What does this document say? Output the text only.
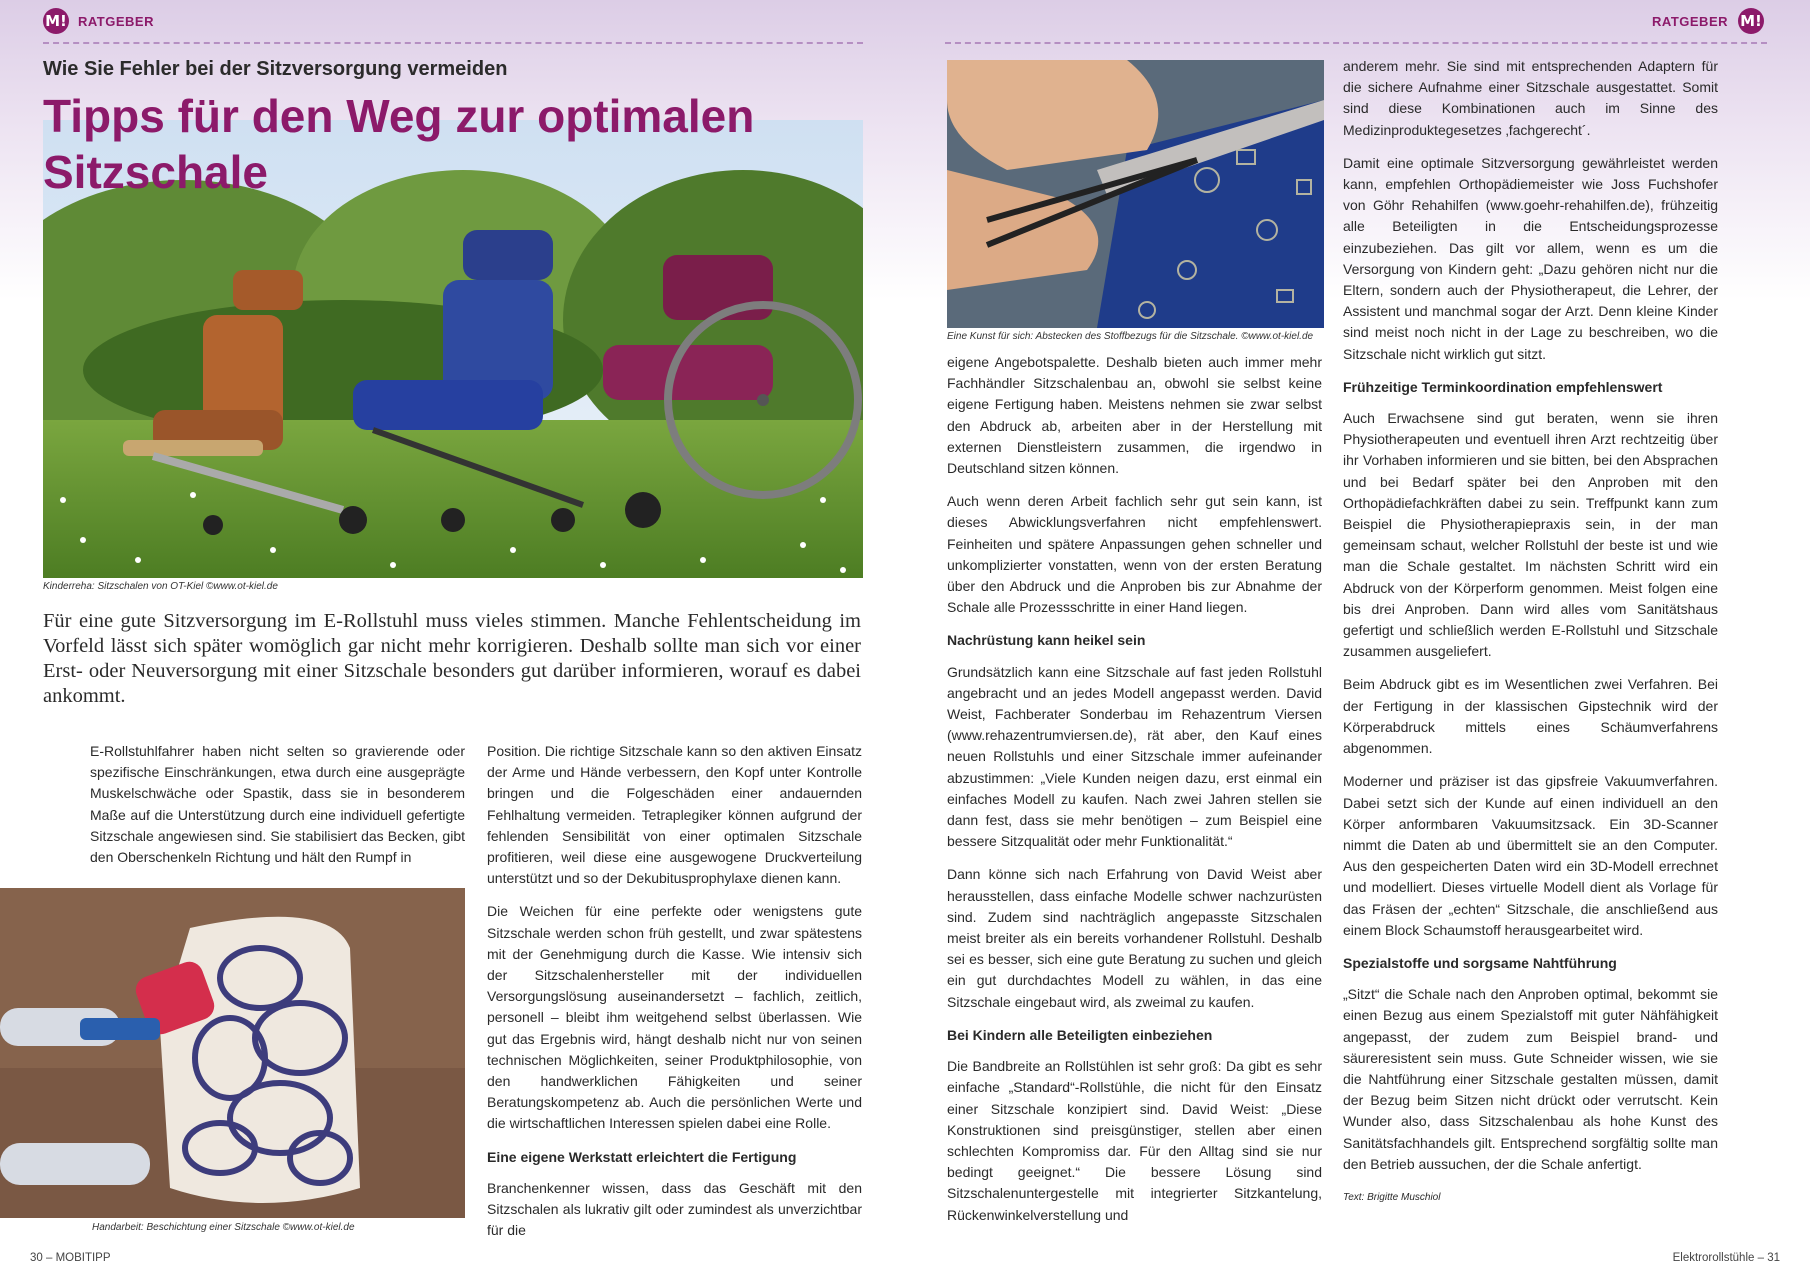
M! RATGEBER	RATGEBER M!
Wie Sie Fehler bei der Sitzversorgung vermeiden
Tipps für den Weg zur optimalen Sitzschale
Kinderreha: Sitzschalen von OT-Kiel ©www.ot-kiel.de
Für eine gute Sitzversorgung im E-Rollstuhl muss vieles stimmen. Manche Fehlentscheidung im Vorfeld lässt sich später womöglich gar nicht mehr korrigieren. Deshalb sollte man sich vor einer Erst- oder Neuversorgung mit einer Sitzschale besonders gut darüber informieren, worauf es dabei ankommt.

E-Rollstuhlfahrer haben nicht selten so gravierende oder spezifische Einschränkungen, etwa durch eine ausgeprägte Muskelschwäche oder Spastik, dass sie in besonderem Maße auf die Unterstützung durch eine individuell gefertigte Sitzschale angewiesen sind. Sie stabilisiert das Becken, gibt den Oberschenkeln Richtung und hält den Rumpf in

Handarbeit: Beschichtung einer Sitzschale ©www.ot-kiel.de

Position. Die richtige Sitzschale kann so den aktiven Einsatz der Arme und Hände verbessern, den Kopf unter Kontrolle bringen und die Folgeschäden einer andauernden Fehlhaltung vermeiden. Tetraplegiker können aufgrund der fehlenden Sensibilität von einer optimalen Sitzschale profitieren, weil diese eine ausgewogene Druckverteilung unterstützt und so der Dekubitusprophylaxe dienen kann.

Die Weichen für eine perfekte oder wenigstens gute Sitzschale werden schon früh gestellt, und zwar spätestens mit der Genehmigung durch die Kasse. Wie intensiv sich der Sitzschalenhersteller mit der individuellen Versorgungslösung auseinandersetzt – fachlich, zeitlich, personell – bleibt ihm weitgehend selbst überlassen. Wie gut das Ergebnis wird, hängt deshalb nicht nur von seinen technischen Möglichkeiten, seiner Produktphilosophie, von den handwerklichen Fähigkeiten und seiner Beratungskompetenz ab. Auch die persönlichen Werte und die wirtschaftlichen Interessen spielen dabei eine Rolle.

Eine eigene Werkstatt erleichtert die Fertigung

Branchenkenner wissen, dass das Geschäft mit den Sitzschalen als lukrativ gilt oder zumindest als unverzichtbar für die

Eine Kunst für sich: Abstecken des Stoffbezugs für die Sitzschale. ©www.ot-kiel.de

eigene Angebotspalette. Deshalb bieten auch immer mehr Fachhändler Sitzschalenbau an, obwohl sie selbst keine eigene Fertigung haben. Meistens nehmen sie zwar selbst den Abdruck ab, arbeiten aber in der Herstellung mit externen Dienstleistern zusammen, die irgendwo in Deutschland sitzen können.

Auch wenn deren Arbeit fachlich sehr gut sein kann, ist dieses Abwicklungsverfahren nicht empfehlenswert. Feinheiten und spätere Anpassungen gehen schneller und unkomplizierter vonstatten, wenn von der ersten Beratung über den Abdruck und die Anproben bis zur Abnahme der Schale alle Prozessschritte in einer Hand liegen.

Nachrüstung kann heikel sein

Grundsätzlich kann eine Sitzschale auf fast jeden Rollstuhl angebracht und an jedes Modell angepasst werden. David Weist, Fachberater Sonderbau im Rehazentrum Viersen (www.rehazentrumviersen.de), rät aber, den Kauf eines neuen Rollstuhls und einer Sitzschale immer aufeinander abzustimmen: „Viele Kunden neigen dazu, erst einmal ein einfaches Modell zu kaufen. Nach zwei Jahren stellen sie dann fest, dass sie mehr benötigen – zum Beispiel eine bessere Sitzqualität oder mehr Funktionalität.“

Dann könne sich nach Erfahrung von David Weist aber herausstellen, dass einfache Modelle schwer nachzurüsten sind. Zudem sind nachträglich angepasste Sitzschalen meist breiter als ein bereits vorhandener Rollstuhl. Deshalb sei es besser, sich eine gute Beratung zu suchen und gleich ein gut durchdachtes Modell zu wählen, in das eine Sitzschale eingebaut wird, als zweimal zu kaufen.

Bei Kindern alle Beteiligten einbeziehen

Die Bandbreite an Rollstühlen ist sehr groß: Da gibt es sehr einfache „Standard“-Rollstühle, die nicht für den Einsatz einer Sitzschale konzipiert sind. David Weist: „Diese Konstruktionen sind preisgünstiger, stellen aber einen schlechten Kompromiss dar. Für den Alltag sind sie nur bedingt geeignet.“ Die bessere Lösung sind Sitzschalenuntergestelle mit integrierter Sitzkantelung, Rückenwinkelverstellung und

anderem mehr. Sie sind mit entsprechenden Adaptern für die sichere Aufnahme einer Sitzschale ausgestattet. Somit sind diese Kombinationen auch im Sinne des Medizinproduktegesetzes ‚fachgerecht´.

Damit eine optimale Sitzversorgung gewährleistet werden kann, empfehlen Orthopädiemeister wie Joss Fuchshofer von Göhr Rehahilfen (www.goehr-rehahilfen.de), frühzeitig alle Beteiligten in die Entscheidungsprozesse einzubeziehen. Das gilt vor allem, wenn es um die Versorgung von Kindern geht: „Dazu gehören nicht nur die Eltern, sondern auch der Physiotherapeut, die Lehrer, der Assistent und manchmal sogar der Arzt. Denn kleine Kinder sind meist noch nicht in der Lage zu beschreiben, wo die Sitzschale nicht wirklich gut sitzt.

Frühzeitige Terminkoordination empfehlenswert

Auch Erwachsene sind gut beraten, wenn sie ihren Physiotherapeuten und eventuell ihren Arzt rechtzeitig über ihr Vorhaben informieren und sie bitten, bei den Absprachen und bei Bedarf später bei den Anproben mit den Orthopädiefachkräften dabei zu sein. Treffpunkt kann zum Beispiel die Physiotherapiepraxis sein, in der man gemeinsam schaut, welcher Rollstuhl der beste ist und wie man die Schale gestaltet. Im nächsten Schritt wird ein Abdruck von der Körperform genommen. Meist folgen eine bis drei Anproben. Dann wird alles vom Sanitätshaus gefertigt und schließlich werden E-Rollstuhl und Sitzschale zusammen ausgeliefert.

Beim Abdruck gibt es im Wesentlichen zwei Verfahren. Bei der Fertigung in der klassischen Gipstechnik wird der Körperabdruck mittels eines Schäumverfahrens abgenommen.

Moderner und präziser ist das gipsfreie Vakuumverfahren. Dabei setzt sich der Kunde auf einen individuell an den Körper anformbaren Vakuumsitzsack. Ein 3D-Scanner nimmt die Daten ab und übermittelt sie an den Computer. Aus den gespeicherten Daten wird ein 3D-Modell errechnet und modelliert. Dieses virtuelle Modell dient als Vorlage für das Fräsen der „echten“ Sitzschale, die anschließend aus einem Block Schaumstoff herausgearbeitet wird.

Spezialstoffe und sorgsame Nahtführung

„Sitzt“ die Schale nach den Anproben optimal, bekommt sie einen Bezug aus einem Spezialstoff mit guter Nähfähigkeit angepasst, der zudem zum Beispiel brand- und säureresistent sein muss. Gute Schneider wissen, wie sie die Nahtführung einer Sitzschale gestalten müssen, damit der Bezug beim Sitzen nicht drückt oder verrutscht. Kein Wunder also, dass Sitzschalenbau als hohe Kunst des Sanitätsfachhandels gilt. Entsprechend sorgfältig sollte man den Betrieb aussuchen, der die Schale anfertigt.

Text: Brigitte Muschiol
30 – MOBITIPP	Elektrorollstühle – 31
